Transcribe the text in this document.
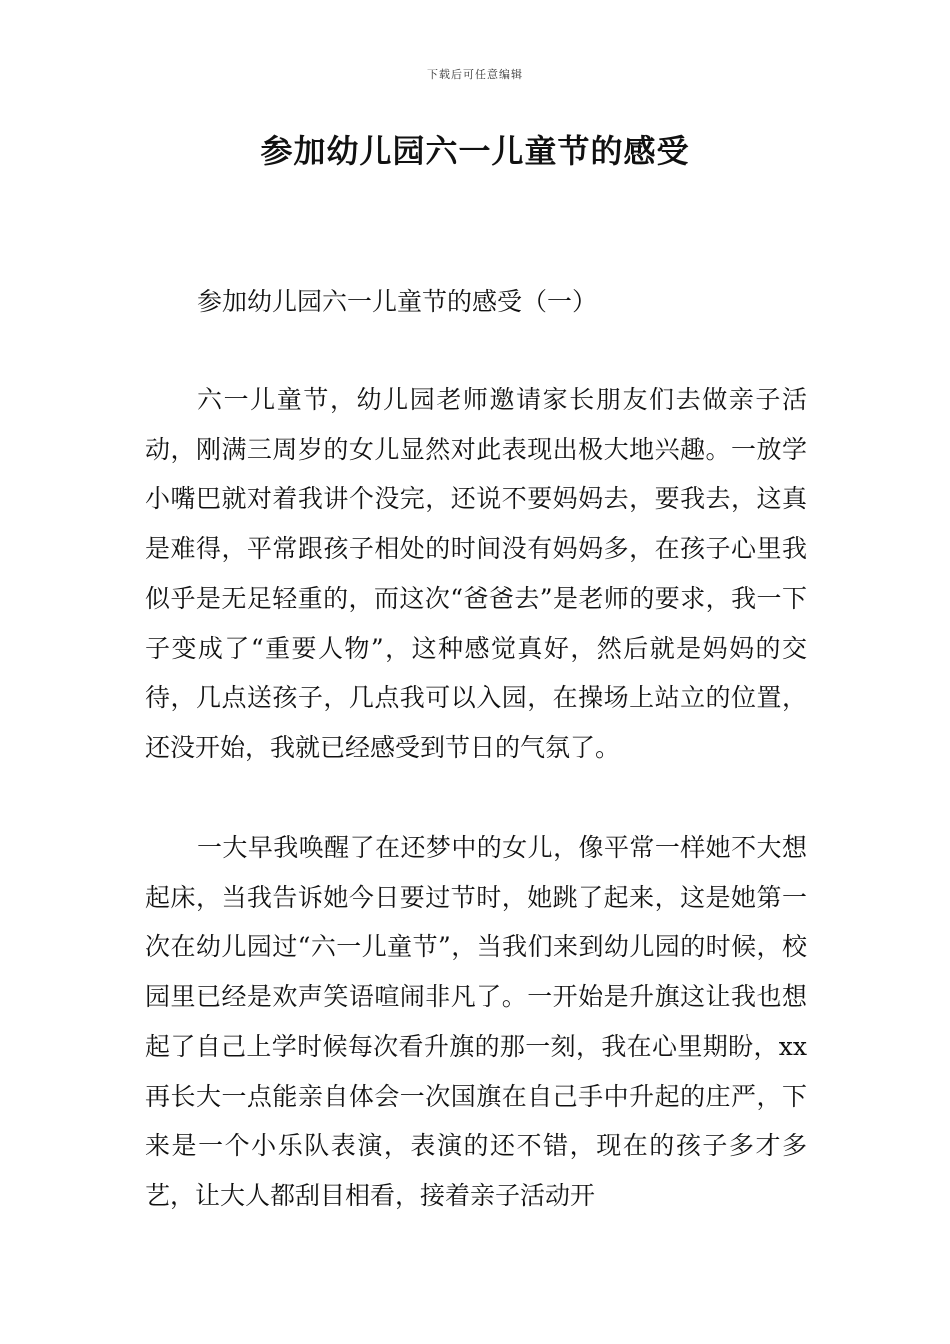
下载后可任意编辑
参加幼儿园六一儿童节的感受
参加幼儿园六一儿童节的感受（一）

六一儿童节，幼儿园老师邀请家长朋友们去做亲子活动，刚满三周岁的女儿显然对此表现出极大地兴趣。一放学小嘴巴就对着我讲个没完，还说不要妈妈去，要我去，这真是难得，平常跟孩子相处的时间没有妈妈多，在孩子心里我似乎是无足轻重的，而这次“爸爸去”是老师的要求，我一下子变成了“重要人物”，这种感觉真好，然后就是妈妈的交待，几点送孩子，几点我可以入园，在操场上站立的位置，还没开始，我就已经感受到节日的气氛了。

一大早我唤醒了在还梦中的女儿，像平常一样她不大想起床，当我告诉她今日要过节时，她跳了起来，这是她第一次在幼儿园过“六一儿童节”，当我们来到幼儿园的时候，校园里已经是欢声笑语喧闹非凡了。一开始是升旗这让我也想起了自己上学时候每次看升旗的那一刻，我在心里期盼，xx再长大一点能亲自体会一次国旗在自己手中升起的庄严，下来是一个小乐队表演，表演的还不错，现在的孩子多才多艺，让大人都刮目相看，接着亲子活动开
